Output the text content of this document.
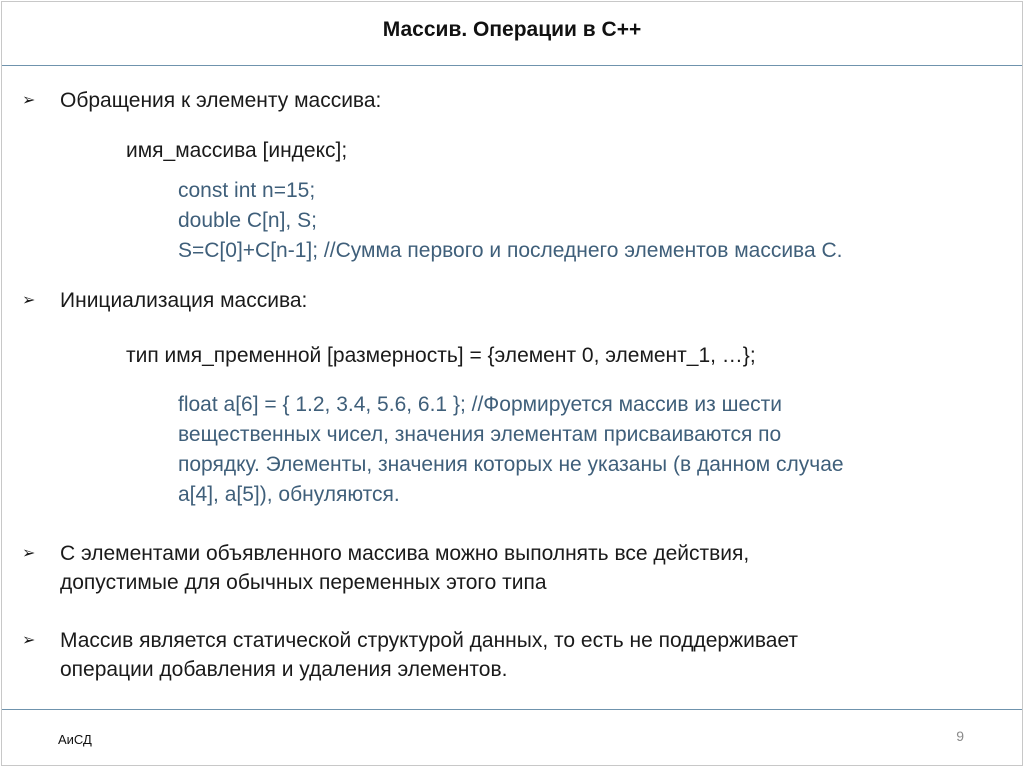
Массив. Операции в С++
➢	Обращения к элементу массива:
имя_массива [индекс];
const int n=15;
double C[n], S;
S=C[0]+C[n-1]; //Сумма первого и последнего элементов массива С.
➢	Инициализация массива:
тип имя_пременной [размерность] = {элемент 0, элемент_1, …};
float a[6] = { 1.2, 3.4, 5.6, 6.1 }; //Формируется массив из шести
вещественных чисел, значения элементам присваиваются по
порядку. Элементы, значения которых не указаны (в данном случае
a[4], a[5]), обнуляются.
➢	С элементами объявленного массива можно выполнять все действия,
допустимые для обычных переменных этого типа
➢	Массив является статической структурой данных, то есть не поддерживает
операции добавления и удаления элементов.
АиСД	9
